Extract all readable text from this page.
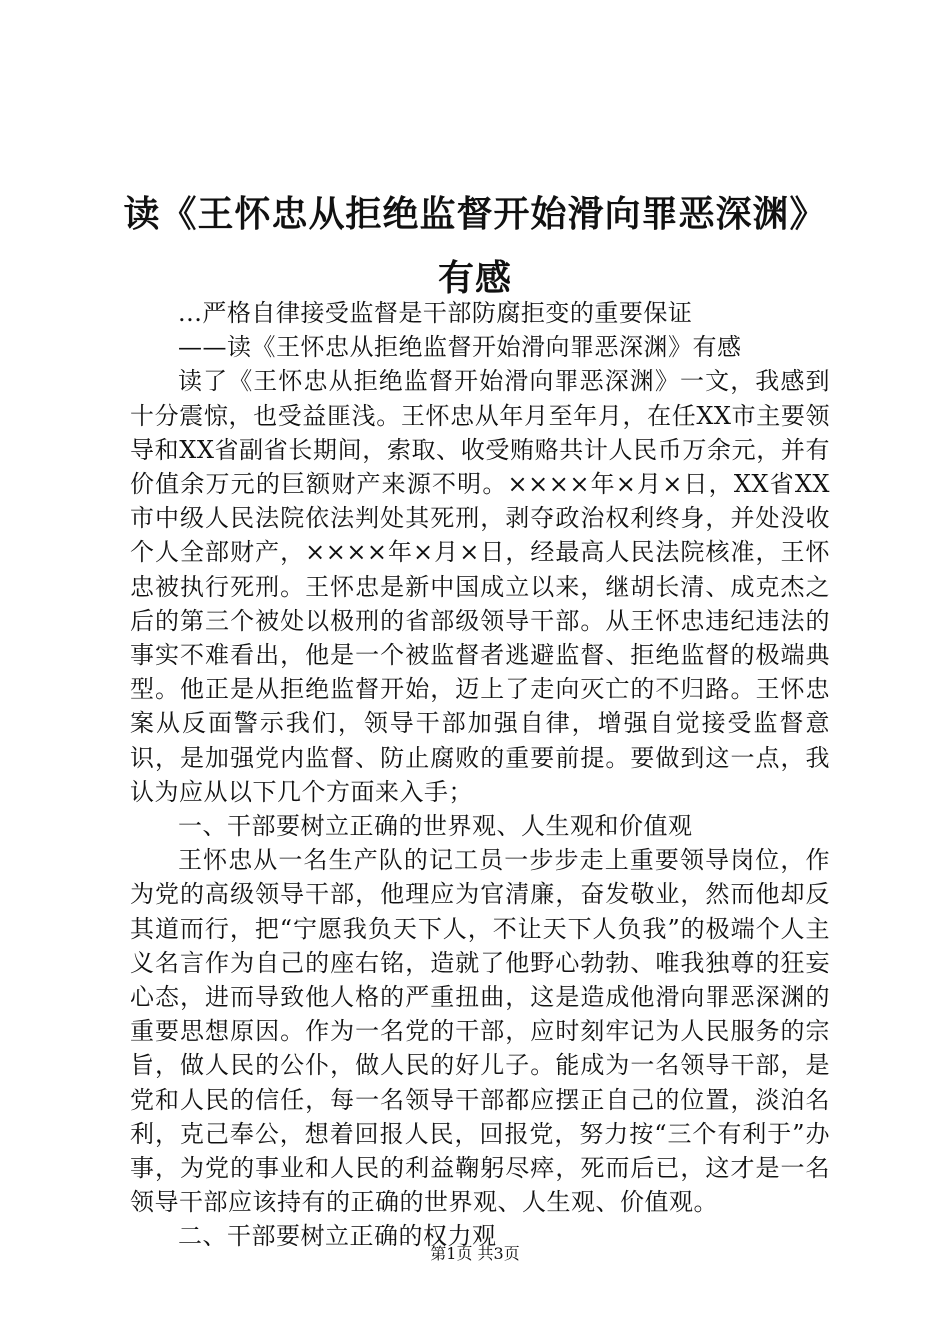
读《王怀忠从拒绝监督开始滑向罪恶深渊》有感

...严格自律接受监督是干部防腐拒变的重要保证

——读《王怀忠从拒绝监督开始滑向罪恶深渊》有感

读了《王怀忠从拒绝监督开始滑向罪恶深渊》一文，我感到十分震惊，也受益匪浅。王怀忠从年月至年月，在任XX市主要领导和XX省副省长期间，索取、收受贿赂共计人民币万余元，并有价值余万元的巨额财产来源不明。××××年×月×日，XX省XX市中级人民法院依法判处其死刑，剥夺政治权利终身，并处没收个人全部财产，××××年×月×日，经最高人民法院核准，王怀忠被执行死刑。王怀忠是新中国成立以来，继胡长清、成克杰之后的第三个被处以极刑的省部级领导干部。从王怀忠违纪违法的事实不难看出，他是一个被监督者逃避监督、拒绝监督的极端典型。他正是从拒绝监督开始，迈上了走向灭亡的不归路。王怀忠案从反面警示我们，领导干部加强自律，增强自觉接受监督意识，是加强党内监督、防止腐败的重要前提。要做到这一点，我认为应从以下几个方面来入手；

一、干部要树立正确的世界观、人生观和价值观

王怀忠从一名生产队的记工员一步步走上重要领导岗位，作为党的高级领导干部，他理应为官清廉，奋发敬业，然而他却反其道而行，把“宁愿我负天下人，不让天下人负我”的极端个人主义名言作为自己的座右铭，造就了他野心勃勃、唯我独尊的狂妄心态，进而导致他人格的严重扭曲，这是造成他滑向罪恶深渊的重要思想原因。作为一名党的干部，应时刻牢记为人民服务的宗旨，做人民的公仆，做人民的好儿子。能成为一名领导干部，是党和人民的信任，每一名领导干部都应摆正自己的位置，淡泊名利，克己奉公，想着回报人民，回报党，努力按“三个有利于”办事，为党的事业和人民的利益鞠躬尽瘁，死而后已，这才是一名领导干部应该持有的正确的世界观、人生观、价值观。

二、干部要树立正确的权力观

第1页 共3页
